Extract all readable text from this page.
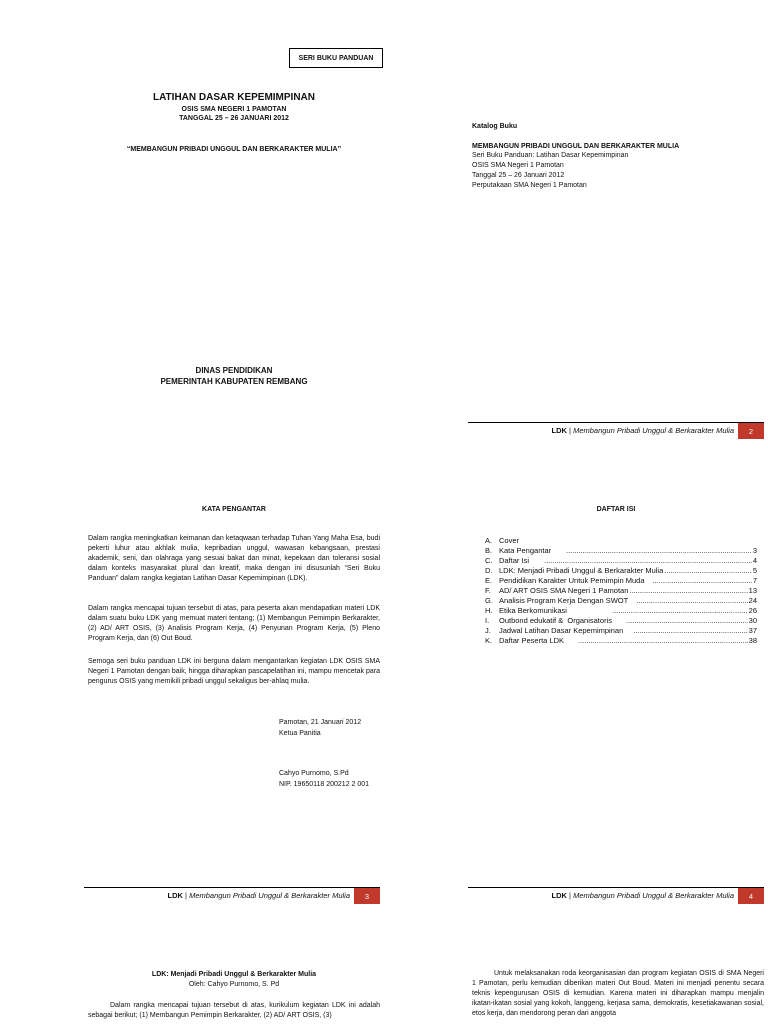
SERI BUKU PANDUAN
LATIHAN DASAR KEPEMIMPINAN
OSIS SMA NEGERI 1 PAMOTAN
TANGGAL 25 – 26 JANUARI 2012
“MEMBANGUN PRIBADI UNGGUL DAN BERKARAKTER MULIA”
DINAS PENDIDIKAN
PEMERINTAH KABUPATEN REMBANG
Katalog Buku
MEMBANGUN PRIBADI UNGGUL DAN BERKARAKTER MULIA
Seri Buku Panduan: Latihan Dasar Kepemimpinan
OSIS SMA Negeri 1 Pamotan
Tanggal 25 – 26 Januari 2012
Perputakaan SMA Negeri 1 Pamotan
LDK | Membangun Pribadi Unggul & Berkarakter Mulia	2
KATA PENGANTAR

Dalam rangka meningkatkan keimanan dan ketaqwaan terhadap Tuhan Yang Maha Esa, budi pekerti luhur atau akhlak mulia, kepribadian unggul, wawasan kebangsaan, prestasi akademik, seni, dan olahraga yang sesuai bakat dan minat, kepekaan dan toleransi sosial dalam konteks masyarakat plural dan kreatif, maka dengan ini disusunlah “Seri Buku Panduan” dalam rangka kegiatan Latihan Dasar Kepemimpinan (LDK).

Dalam rangka mencapai tujuan tersebut di atas, para peserta akan mendapatkan materi LDK dalam suatu buku LDK yang memuat materi tentang; (1) Membangun Pemimpin Berkarakter, (2) AD/ ART OSIS, (3) Analisis Program Kerja, (4) Penyunan Program Kerja, (5) Pleno Program Kerja, dan (6) Out Boud.

Semoga seri buku panduan LDK ini berguna dalam mengantarkan kegiatan LDK OSIS SMA Negeri 1 Pamotan dengan baik, hingga diharapkan pascapelatihan ini, mampu mencetak para pengurus OSIS yang memikili pribadi unggul sekaligus ber-ahlaq mulia.

Pamotan, 21 Januari 2012
Ketua Panitia
Cahyo Purnomo, S.Pd
NIP. 19650118 200212 2 001
LDK | Membangun Pribadi Unggul & Berkarakter Mulia	3
DAFTAR ISI
A. Cover
B. Kata Pengantar .....	3
C. Daftar Isi .....	4
D. LDK: Menjadi Pribadi Unggul & Berkarakter Mulia .....	5
E. Pendidikan Karakter Untuk Pemimpin Muda .....	7
F.	AD/ ART OSIS SMA Negeri 1 Pamotan .....	13
G. Analisis Program Kerja Dengan SWOT .....	24
H. Etika Berkomunikasi .....	26
I.	Outbond edukatif &  Organisatoris .....	30
J.	Jadwal Latihan Dasar Kepemimpinan .....	37
K. Daftar Peserta LDK .....	38
LDK | Membangun Pribadi Unggul & Berkarakter Mulia	4
LDK: Menjadi Pribadi Unggul & Berkarakter Mulia
Oleh: Cahyo Purnomo, S. Pd

Dalam rangka mencapai tujuan tersebut di atas, kurikulum kegiatan LDK ini adalah sebagai berikut; (1) Membangun Pemimpin Berkarakter, (2) AD/ ART OSIS, (3)

Untuk melaksanakan roda keorganisasian dan program kegiatan OSIS di SMA Negeri 1 Pamotan, perlu kemudian diberikan materi Out Boud. Materi ini menjadi penentu secara teknis kepengurusan OSIS di kemudian. Karena materi ini diharapkan mampu menjalin ikatan-ikatan sosial yang kokoh, langgeng, kerjasa sama, demokratis, kesetiakawanan sosial, etos kerja, dan mendorong peran dari anggota
